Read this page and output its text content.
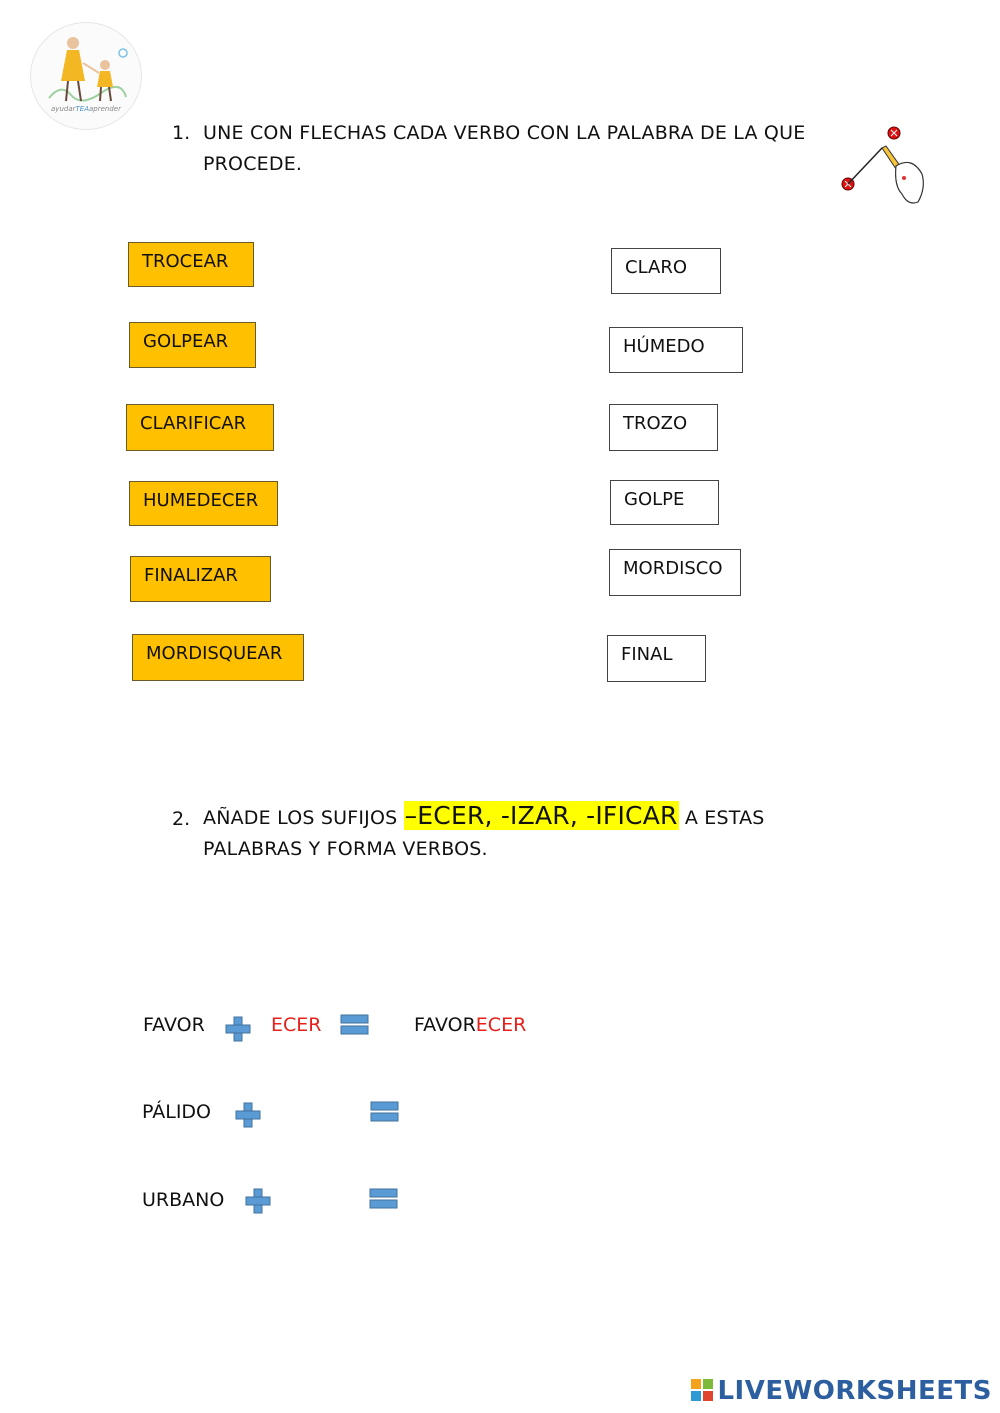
ayudarTEAaprender
1. UNE CON FLECHAS CADA VERBO CON LA PALABRA DE LA QUE
PROCEDE.
TROCEAR
GOLPEAR
CLARIFICAR
HUMEDECER
FINALIZAR
MORDISQUEAR
CLARO
HÚMEDO
TROZO
GOLPE
MORDISCO
FINAL
2. AÑADE LOS SUFIJOS –ECER, -IZAR, -IFICAR A ESTAS
PALABRAS Y FORMA VERBOS.
FAVOR	ECER	FAVORECER
PÁLIDO
URBANO
LIVEWORKSHEETS
